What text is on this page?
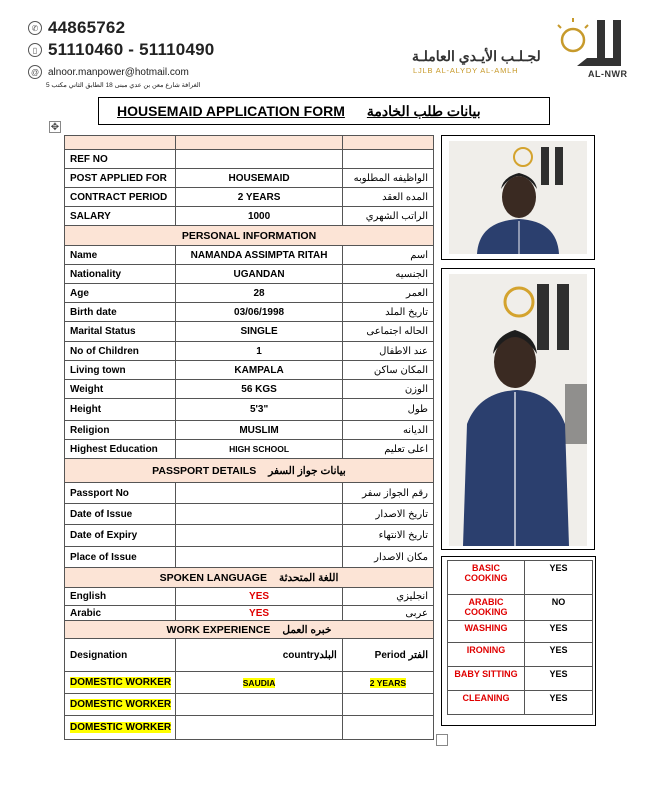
✆ 44865762
▯ 51110460 - 51110490
@ alnoor.manpower@hotmail.com
الغرافة شارع معن بن عدي مبنى 18 الطابق الثاني مكتب 5
لجـلـب الأيـدي العاملـة
LJLB AL-ALYDY AL-AMLH	AL-NWR
HOUSEMAID APPLICATION FORM بيانات طلب الخادمة
✥

REF NO		
POST APPLIED FOR	HOUSEMAID	الواظيفه المطلوبه
CONTRACT PERIOD	2 YEARS	المده العقد
SALARY	1000	الراتب الشهري
PERSONAL INFORMATION		
Name	NAMANDA ASSIMPTA RITAH	اسم
Nationality	UGANDAN	الجنسيه
Age	28	العمر
Birth date	03/06/1998	تاريخ الملد
Marital Status	SINGLE	الحاله اجتماعى
No of Children	1	عند الاطفال
Living town	KAMPALA	المكان ساكن
Weight	56 KGS	الوزن
Height	5'3"	طول
Religion	MUSLIM	الديانه
Highest Education	HIGH SCHOOL	اعلى تعليم
PASSPORT DETAILS بيانات جواز السفر		
Passport No		رقم الجواز سفر
Date of Issue		تاريخ الاصدار
Date of Expiry		تاريخ الانتهاء
Place of Issue		مكان الاصدار
SPOKEN LANGUAGE اللغة المتحدثة		
English	YES	انجليزي
Arabic	YES	عربى
WORK EXPERIENCE خبره العمل		
Designation	countryالبلد	Period الفتر
DOMESTIC WORKER	SAUDIA	2 YEARS
DOMESTIC WORKER		
DOMESTIC WORKER		
BASIC COOKING	YES
ARABIC COOKING	NO
WASHING	YES
IRONING	YES
BABY SITTING	YES
CLEANING	YES
